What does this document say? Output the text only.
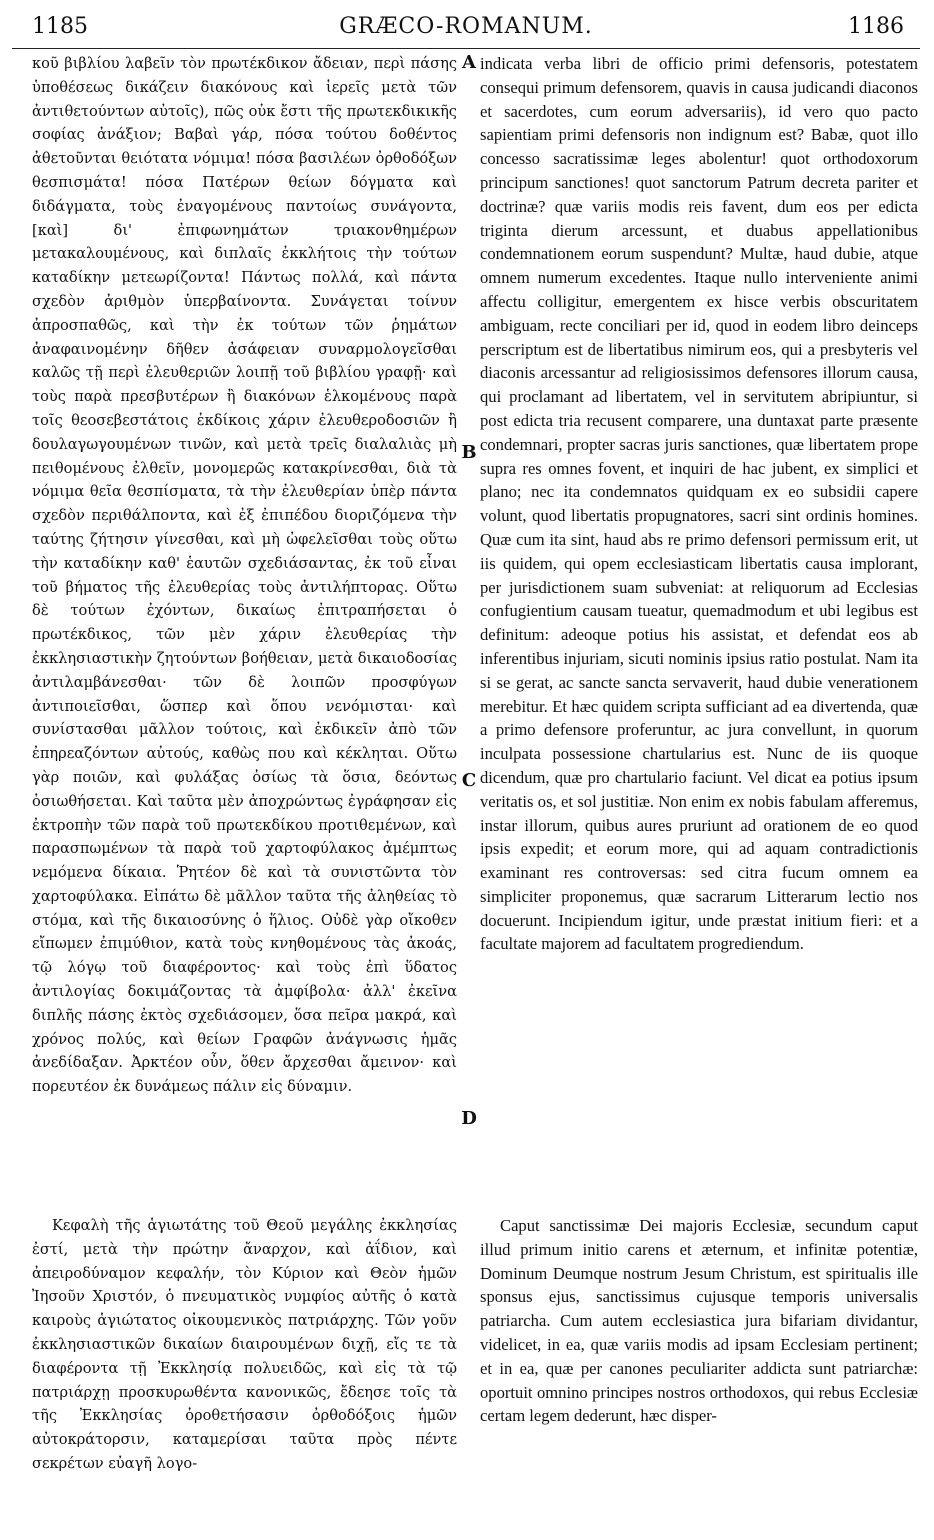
1185	GRÆCO-ROMANUM.	1186

κοῦ βιβλίου λαβεῖν τὸν πρωτέκδικον ἄδειαν, περὶ πάσης ὑποθέσεως δικάζειν διακόνους καὶ ἱερεῖς μετὰ τῶν ἀντιθετούντων αὐτοῖς), πῶς οὐκ ἔστι τῆς πρωτεκδικικῆς σοφίας ἀνάξιον; Βαβαὶ γάρ, πόσα τούτου δοθέντος ἀθετοῦνται θειότατα νόμιμα! πόσα βασιλέων ὀρθοδόξων θεσπισμάτα! πόσα Πατέρων θείων δόγματα καὶ διδάγματα, τοὺς ἐναγομένους παντοίως συνάγοντα, [καὶ] δι' ἐπιφωνημάτων τριακονθημέρων μετακαλουμένους, καὶ διπλαῖς ἐκκλήτοις τὴν τούτων καταδίκην μετεωρίζοντα! Πάντως πολλά, καὶ πάντα σχεδὸν ἀριθμὸν ὑπερβαίνοντα. Συνάγεται τοίνυν ἀπροσπαθῶς, καὶ τὴν ἐκ τούτων τῶν ῥημάτων ἀναφαινομένην δῆθεν ἀσάφειαν συναρμολογεῖσθαι καλῶς τῇ περὶ ἐλευθεριῶν λοιπῇ τοῦ βιβλίου γραφῇ· καὶ τοὺς παρὰ πρεσβυτέρων ἢ διακόνων ἑλκομένους παρὰ τοῖς θεοσεβεστάτοις ἐκδίκοις χάριν ἐλευθεροδοσιῶν ἢ δουλαγωγουμένων τινῶν, καὶ μετὰ τρεῖς διαλαλιὰς μὴ πειθομένους ἐλθεῖν, μονομερῶς κατακρίνεσθαι, διὰ τὰ νόμιμα θεῖα θεσπίσματα, τὰ τὴν ἐλευθερίαν ὑπὲρ πάντα σχεδὸν περιθάλποντα, καὶ ἐξ ἐπιπέδου διοριζόμενα τὴν ταύτης ζήτησιν γίνεσθαι, καὶ μὴ ὠφελεῖσθαι τοὺς οὕτω τὴν καταδίκην καθ' ἑαυτῶν σχεδιάσαντας, ἐκ τοῦ εἶναι τοῦ βήματος τῆς ἐλευθερίας τοὺς ἀντιλήπτορας. Οὕτω δὲ τούτων ἐχόντων, δικαίως ἐπιτραπήσεται ὁ πρωτέκδικος, τῶν μὲν χάριν ἐλευθερίας τὴν ἐκκλησιαστικὴν ζητούντων βοήθειαν, μετὰ δικαιοδοσίας ἀντιλαμβάνεσθαι· τῶν δὲ λοιπῶν προσφύγων ἀντιποιεῖσθαι, ὥσπερ καὶ ὅπου νενόμισται· καὶ συνίστασθαι μᾶλλον τούτοις, καὶ ἐκδικεῖν ἀπὸ τῶν ἐπηρεαζόντων αὐτούς, καθὼς που καὶ κέκληται. Οὕτω γὰρ ποιῶν, καὶ φυλάξας ὁσίως τὰ ὅσια, δεόντως ὁσιωθήσεται. Καὶ ταῦτα μὲν ἀποχρώντως ἐγράφησαν εἰς ἐκτροπὴν τῶν παρὰ τοῦ πρωτεκδίκου προτιθεμένων, καὶ παρασπωμένων τὰ παρὰ τοῦ χαρτοφύλακος ἀμέμπτως νεμόμενα δίκαια. Ῥητέον δὲ καὶ τὰ συνιστῶντα τὸν χαρτοφύλακα. Εἰπάτω δὲ μᾶλλον ταῦτα τῆς ἀληθείας τὸ στόμα, καὶ τῆς δικαιοσύνης ὁ ἥλιος. Οὐδὲ γὰρ οἴκοθεν εἴπωμεν ἐπιμύθιον, κατὰ τοὺς κνηθομένους τὰς ἀκοάς, τῷ λόγῳ τοῦ διαφέροντος· καὶ τοὺς ἐπὶ ὕδατος ἀντιλογίας δοκιμάζοντας τὰ ἀμφίβολα· ἀλλ' ἐκεῖνα διπλῆς πάσης ἐκτὸς σχεδιάσομεν, ὅσα πεῖρα μακρά, καὶ χρόνος πολύς, καὶ θείων Γραφῶν ἀνάγνωσις ἡμᾶς ἀνεδίδαξαν. Ἀρκτέον οὖν, ὅθεν ἄρχεσθαι ἄμεινον· καὶ πορευτέον ἐκ δυνάμεως πάλιν εἰς δύναμιν.

indicata verba libri de officio primi defensoris, potestatem consequi primum defensorem, quavis in causa judicandi diaconos et sacerdotes, cum eorum adversariis), id vero quo pacto sapientiam primi defensoris non indignum est? Babæ, quot illo concesso sacratissimæ leges abolentur! quot orthodoxorum principum sanctiones! quot sanctorum Patrum decreta pariter et doctrinæ? quæ variis modis reis favent, dum eos per edicta triginta dierum arcessunt, et duabus appellationibus condemnationem eorum suspendunt? Multæ, haud dubie, atque omnem numerum excedentes. Itaque nullo interveniente animi affectu colligitur, emergentem ex hisce verbis obscuritatem ambiguam, recte conciliari per id, quod in eodem libro deinceps perscriptum est de libertatibus nimirum eos, qui a presbyteris vel diaconis arcessantur ad religiosissimos defensores illorum causa, qui proclamant ad libertatem, vel in servitutem abripiuntur, si post edicta tria recusent comparere, una duntaxat parte præsente condemnari, propter sacras juris sanctiones, quæ libertatem prope supra res omnes fovent, et inquiri de hac jubent, ex simplici et plano; nec ita condemnatos quidquam ex eo subsidii capere volunt, quod libertatis propugnatores, sacri sint ordinis homines. Quæ cum ita sint, haud abs re primo defensori permissum erit, ut iis quidem, qui opem ecclesiasticam libertatis causa implorant, per jurisdictionem suam subveniat: at reliquorum ad Ecclesias confugientium causam tueatur, quemadmodum et ubi legibus est definitum: adeoque potius his assistat, et defendat eos ab inferentibus injuriam, sicuti nominis ipsius ratio postulat. Nam ita si se gerat, ac sancte sancta servaverit, haud dubie venerationem merebitur. Et hæc quidem scripta sufficiant ad ea divertenda, quæ a primo defensore proferuntur, ac jura convellunt, in quorum inculpata possessione chartularius est. Nunc de iis quoque dicendum, quæ pro chartulario faciunt. Vel dicat ea potius ipsum veritatis os, et sol justitiæ. Non enim ex nobis fabulam afferemus, instar illorum, quibus aures pruriunt ad orationem de eo quod ipsis expedit; et eorum more, qui ad aquam contradictionis examinant res controversas: sed citra fucum omnem ea simpliciter proponemus, quæ sacrarum Litterarum lectio nos docuerunt. Incipiendum igitur, unde præstat initium fieri: et a facultate majorem ad facultatem progrediendum.

A
B
C
D

Κεφαλὴ τῆς ἁγιωτάτης τοῦ Θεοῦ μεγάλης ἐκκλησίας ἐστί, μετὰ τὴν πρώτην ἄναρχον, καὶ ἀΐδιον, καὶ ἀπειροδύναμον κεφαλήν, τὸν Κύριον καὶ Θεὸν ἡμῶν Ἰησοῦν Χριστόν, ὁ πνευματικὸς νυμφίος αὐτῆς ὁ κατὰ καιροὺς ἁγιώτατος οἰκουμενικὸς πατριάρχης. Τῶν γοῦν ἐκκλησιαστικῶν δικαίων διαιρουμένων διχῇ, εἴς τε τὰ διαφέροντα τῇ Ἐκκλησίᾳ πολυειδῶς, καὶ εἰς τὰ τῷ πατριάρχῃ προσκυρωθέντα κανονικῶς, ἔδεησε τοῖς τὰ τῆς Ἐκκλησίας ὀροθετήσασιν ὀρθοδόξοις ἡμῶν αὐτοκράτορσιν, καταμερίσαι ταῦτα πρὸς πέντε σεκρέτων εὐαγῆ λογο-

Caput sanctissimæ Dei majoris Ecclesiæ, secundum caput illud primum initio carens et æternum, et infinitæ potentiæ, Dominum Deumque nostrum Jesum Christum, est spiritualis ille sponsus ejus, sanctissimus cujusque temporis universalis patriarcha. Cum autem ecclesiastica jura bifariam dividantur, videlicet, in ea, quæ variis modis ad ipsam Ecclesiam pertinent; et in ea, quæ per canones peculiariter addicta sunt patriarchæ: oportuit omnino principes nostros orthodoxos, qui rebus Ecclesiæ certam legem dederunt, hæc disper-
